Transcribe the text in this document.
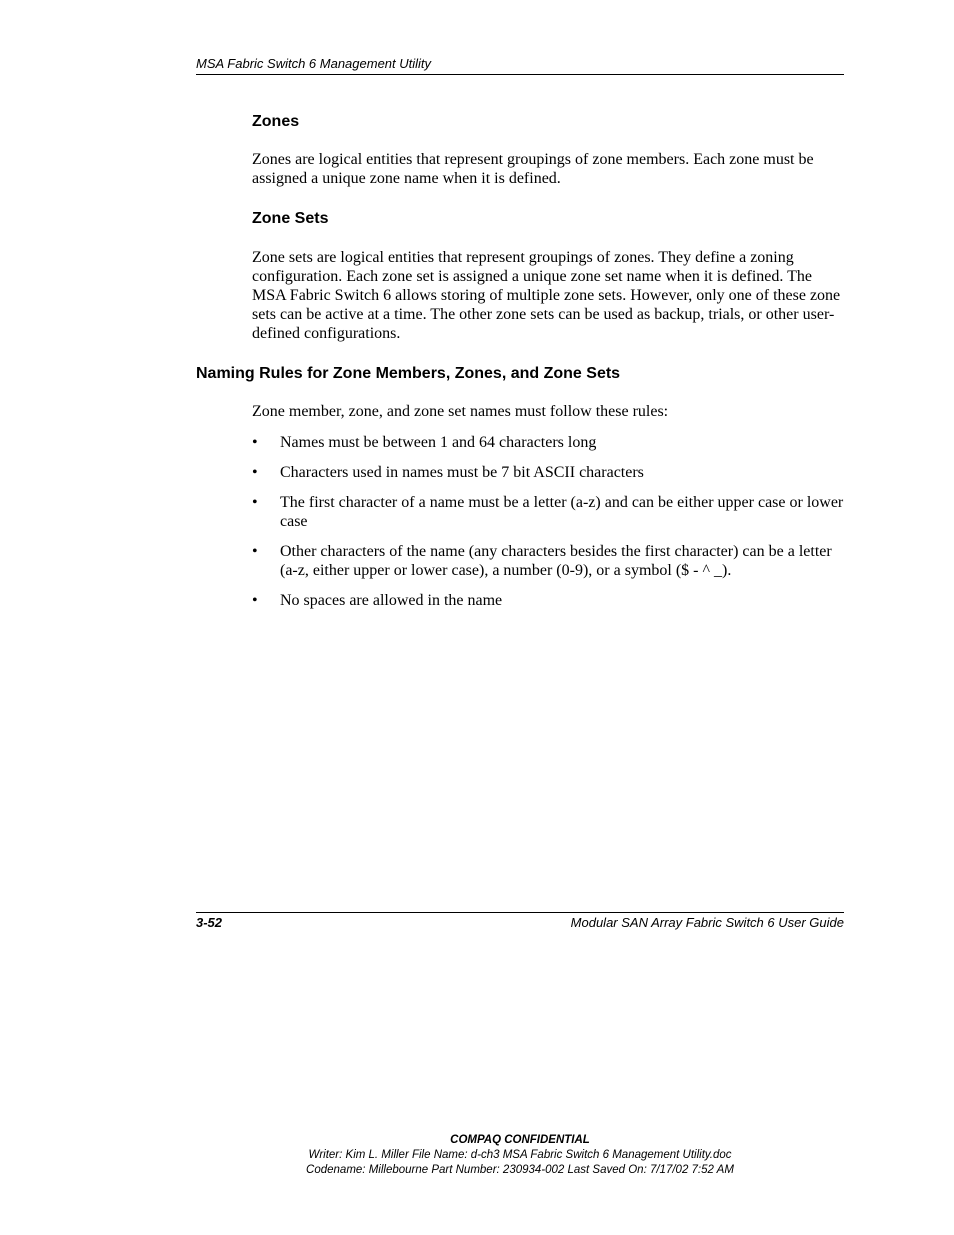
MSA Fabric Switch 6 Management Utility
Zones

Zones are logical entities that represent groupings of zone members. Each zone must be assigned a unique zone name when it is defined.

Zone Sets

Zone sets are logical entities that represent groupings of zones. They define a zoning configuration. Each zone set is assigned a unique zone set name when it is defined. The MSA Fabric Switch 6 allows storing of multiple zone sets. However, only one of these zone sets can be active at a time. The other zone sets can be used as backup, trials, or other user-defined configurations.

Naming Rules for Zone Members, Zones, and Zone Sets

Zone member, zone, and zone set names must follow these rules:

•	Names must be between 1 and 64 characters long
•	Characters used in names must be 7 bit ASCII characters
•	The first character of a name must be a letter (a-z) and can be either upper case or lower case
•	Other characters of the name (any characters besides the first character) can be a letter (a-z, either upper or lower case), a number (0-9), or a symbol ($ - ^ _).
•	No spaces are allowed in the name
3-52	Modular SAN Array Fabric Switch 6 User Guide
COMPAQ CONFIDENTIAL
Writer: Kim L. Miller File Name: d-ch3 MSA Fabric Switch 6 Management Utility.doc
Codename: Millebourne Part Number: 230934-002 Last Saved On: 7/17/02 7:52 AM
